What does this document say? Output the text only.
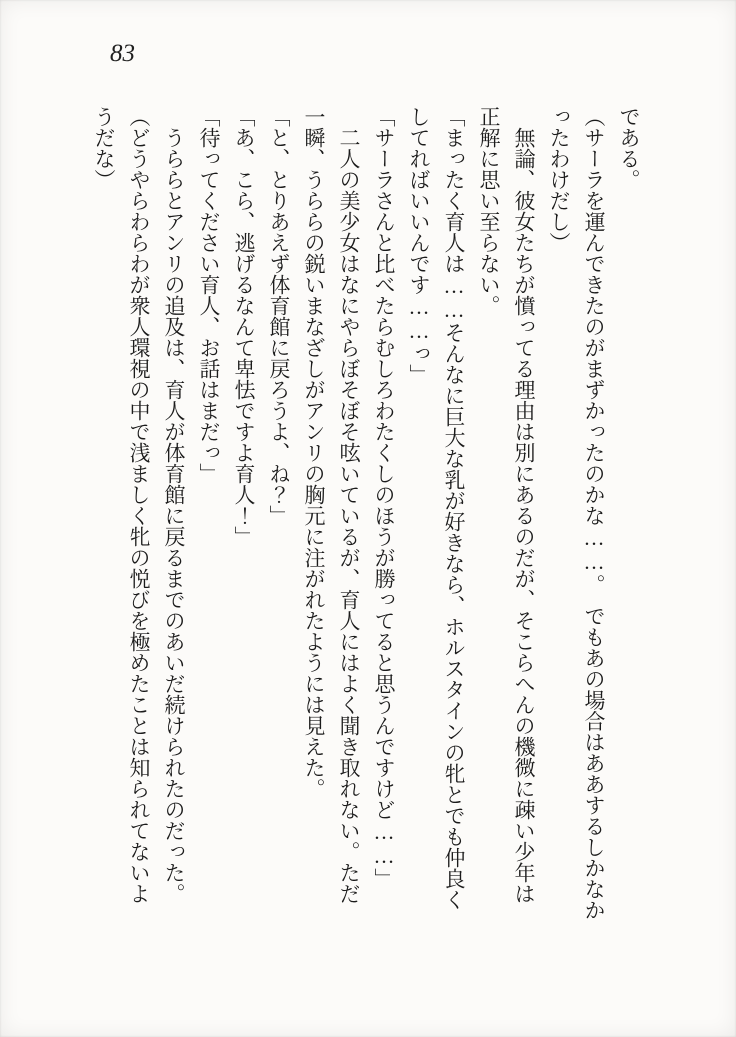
83
である。
（サーラを運んできたのがまずかったのかな……。　でもあの場合はああするしかなか
ったわけだし）
　無論、彼女たちが憤ってる理由は別にあるのだが、そこらへんの機微に疎い少年は
正解に思い至らない。
「まったく育人は……そんなに巨大な乳が好きなら、ホルスタインの牝とでも仲良く
してればいいんです……っ」
「サーラさんと比べたらむしろわたくしのほうが勝ってると思うんですけど……」
　二人の美少女はなにやらぼそぼそ呟いているが、育人にはよく聞き取れない。ただ
一瞬、うららの鋭いまなざしがアンリの胸元に注がれたようには見えた。
「と、とりあえず体育館に戻ろうよ、ね？」
「あ、こら、逃げるなんて卑怯ですよ育人！」
「待ってください育人、お話はまだっ」
　うららとアンリの追及は、育人が体育館に戻るまでのあいだ続けられたのだった。
（どうやらわらわが衆人環視の中で浅ましく牝の悦びを極めたことは知られてないよ
うだな）
